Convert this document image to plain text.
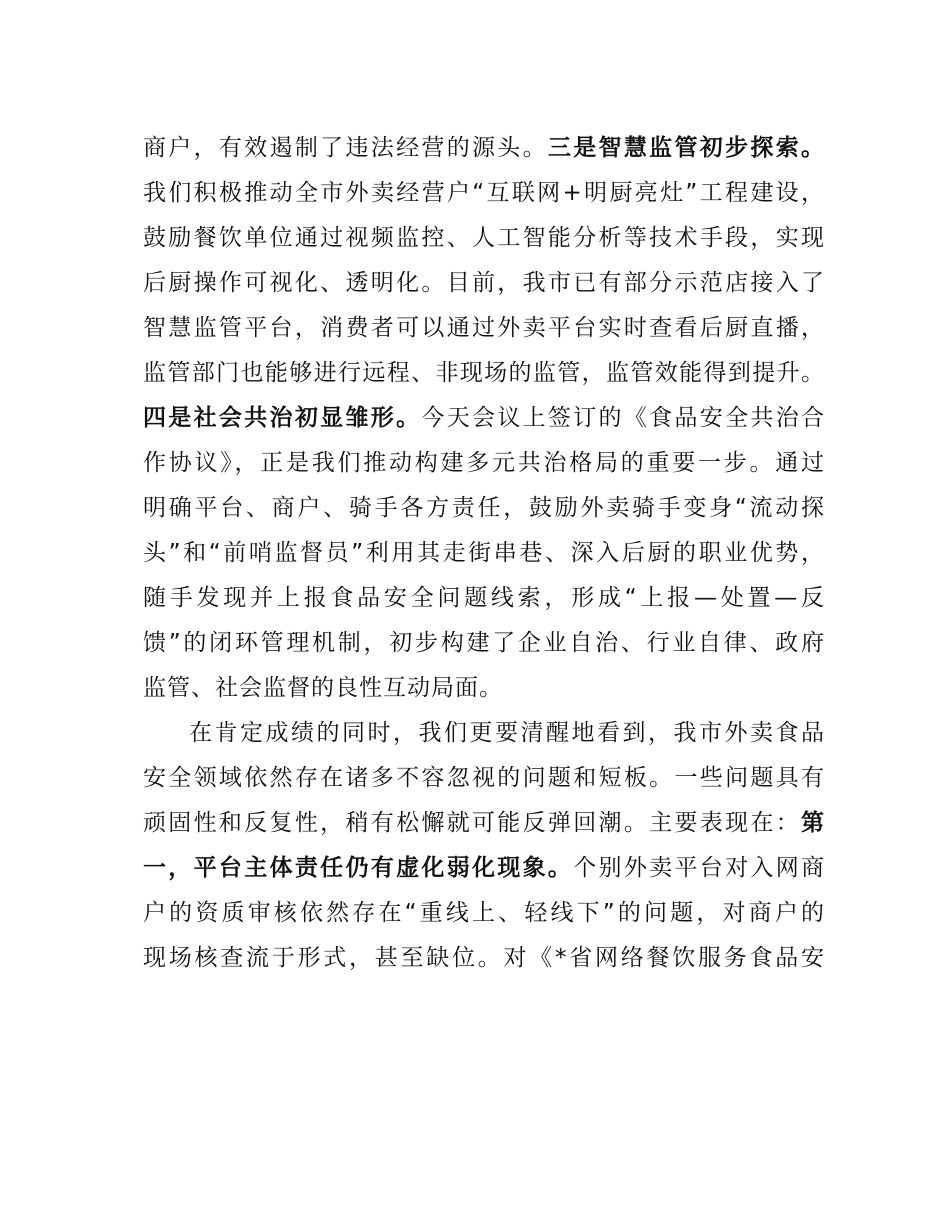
商户，有效遏制了违法经营的源头。三是智慧监管初步探索。
我们积极推动全市外卖经营户“互联网+明厨亮灶”工程建设，
鼓励餐饮单位通过视频监控、人工智能分析等技术手段，实现
后厨操作可视化、透明化。目前，我市已有部分示范店接入了
智慧监管平台，消费者可以通过外卖平台实时查看后厨直播，
监管部门也能够进行远程、非现场的监管，监管效能得到提升。
四是社会共治初显雏形。今天会议上签订的《食品安全共治合
作协议》，正是我们推动构建多元共治格局的重要一步。通过
明确平台、商户、骑手各方责任，鼓励外卖骑手变身“流动探
头”和“前哨监督员”利用其走街串巷、深入后厨的职业优势，
随手发现并上报食品安全问题线索，形成“上报—处置—反
馈”的闭环管理机制，初步构建了企业自治、行业自律、政府
监管、社会监督的良性互动局面。
在肯定成绩的同时，我们更要清醒地看到，我市外卖食品
安全领域依然存在诸多不容忽视的问题和短板。一些问题具有
顽固性和反复性，稍有松懈就可能反弹回潮。主要表现在：第
一，平台主体责任仍有虚化弱化现象。个别外卖平台对入网商
户的资质审核依然存在“重线上、轻线下”的问题，对商户的
现场核查流于形式，甚至缺位。对《*省网络餐饮服务食品安
